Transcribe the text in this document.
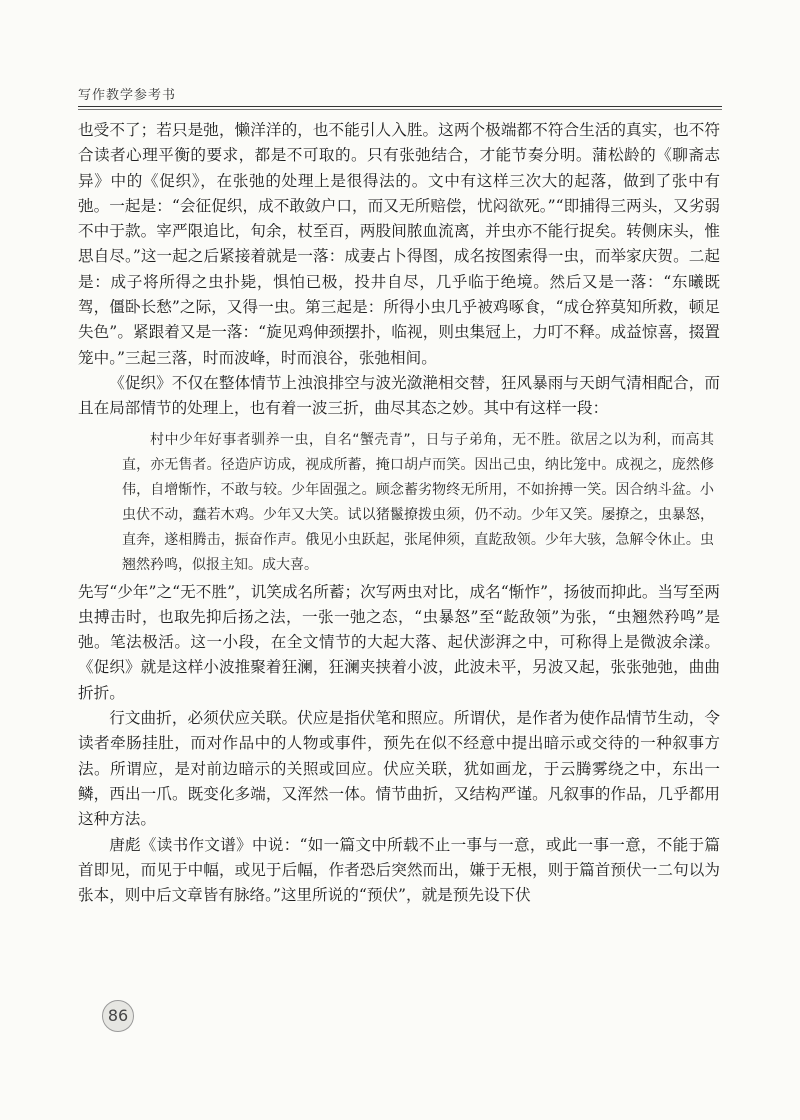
写作教学参考书

也受不了；若只是弛，懒洋洋的，也不能引人入胜。这两个极端都不符合生活的真实，也不符合读者心理平衡的要求，都是不可取的。只有张弛结合，才能节奏分明。蒲松龄的《聊斋志异》中的《促织》，在张弛的处理上是很得法的。文中有这样三次大的起落，做到了张中有弛。一起是：“会征促织，成不敢敛户口，而又无所赔偿，忧闷欲死。”“即捕得三两头，又劣弱不中于款。宰严限追比，旬余，杖至百，两股间脓血流离，并虫亦不能行捉矣。转侧床头，惟思自尽。”这一起之后紧接着就是一落：成妻占卜得图，成名按图索得一虫，而举家庆贺。二起是：成子将所得之虫扑毙，惧怕已极，投井自尽，几乎临于绝境。然后又是一落：“东曦既驾，僵卧长愁”之际，又得一虫。第三起是：所得小虫几乎被鸡啄食，“成仓猝莫知所救，顿足失色”。紧跟着又是一落：“旋见鸡伸颈摆扑，临视，则虫集冠上，力叮不释。成益惊喜，掇置笼中。”三起三落，时而波峰，时而浪谷，张弛相间。

《促织》不仅在整体情节上浊浪排空与波光潋滟相交替，狂风暴雨与天朗气清相配合，而且在局部情节的处理上，也有着一波三折，曲尽其态之妙。其中有这样一段：

村中少年好事者驯养一虫，自名“蟹壳青”，日与子弟角，无不胜。欲居之以为利，而高其直，亦无售者。径造庐访成，视成所蓄，掩口胡卢而笑。因出己虫，纳比笼中。成视之，庞然修伟，自增惭怍，不敢与较。少年固强之。顾念蓄劣物终无所用，不如拚搏一笑。因合纳斗盆。小虫伏不动，蠢若木鸡。少年又大笑。试以猪鬣撩拨虫须，仍不动。少年又笑。屡撩之，虫暴怒，直奔，遂相腾击，振奋作声。俄见小虫跃起，张尾伸须，直龁敌领。少年大骇，急解令休止。虫翘然矜鸣，似报主知。成大喜。

先写“少年”之“无不胜”，讥笑成名所蓄；次写两虫对比，成名“惭怍”，扬彼而抑此。当写至两虫搏击时，也取先抑后扬之法，一张一弛之态，“虫暴怒”至“龁敌领”为张，“虫翘然矜鸣”是弛。笔法极活。这一小段，在全文情节的大起大落、起伏澎湃之中，可称得上是微波余漾。《促织》就是这样小波推聚着狂澜，狂澜夹挟着小波，此波未平，另波又起，张张弛弛，曲曲折折。

行文曲折，必须伏应关联。伏应是指伏笔和照应。所谓伏，是作者为使作品情节生动，令读者牵肠挂肚，而对作品中的人物或事件，预先在似不经意中提出暗示或交待的一种叙事方法。所谓应，是对前边暗示的关照或回应。伏应关联，犹如画龙，于云腾雾绕之中，东出一鳞，西出一爪。既变化多端，又浑然一体。情节曲折，又结构严谨。凡叙事的作品，几乎都用这种方法。

唐彪《读书作文谱》中说：“如一篇文中所载不止一事与一意，或此一事一意，不能于篇首即见，而见于中幅，或见于后幅，作者恐后突然而出，嫌于无根，则于篇首预伏一二句以为张本，则中后文章皆有脉络。”这里所说的“预伏”，就是预先设下伏

86
